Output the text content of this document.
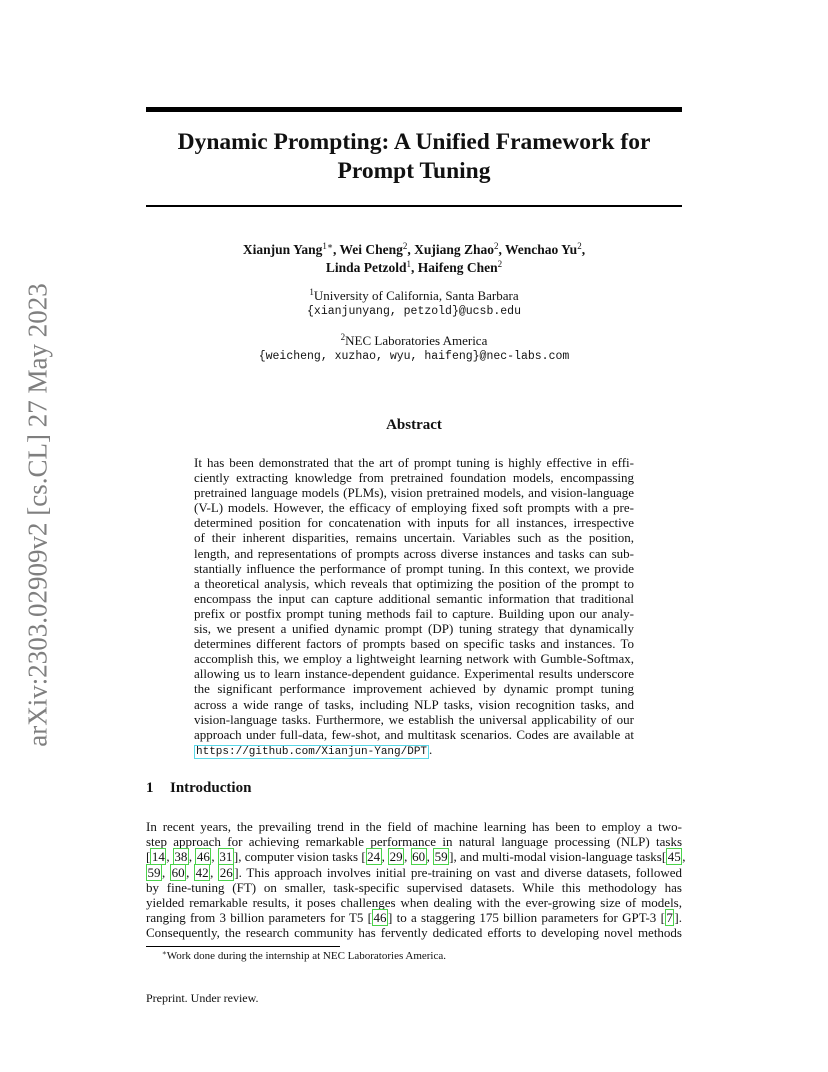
arXiv:2303.02909v2 [cs.CL] 27 May 2023
Dynamic Prompting: A Unified Framework for
Prompt Tuning
Xianjun Yang$^{1∗}$, Wei Cheng$^2$, Xujiang Zhao$^2$, Wenchao Yu$^2$,
Linda Petzold$^1$, Haifeng Chen$^2$
$^1$University of California, Santa Barbara
{xianjunyang, petzold}@ucsb.edu
$^2$NEC Laboratories America
{weicheng, xuzhao, wyu, haifeng}@nec-labs.com
Abstract
It has been demonstrated that the art of prompt tuning is highly effective in effi-
ciently extracting knowledge from pretrained foundation models, encompassing
pretrained language models (PLMs), vision pretrained models, and vision-language
(V-L) models. However, the efficacy of employing fixed soft prompts with a pre-
determined position for concatenation with inputs for all instances, irrespective
of their inherent disparities, remains uncertain. Variables such as the position,
length, and representations of prompts across diverse instances and tasks can sub-
stantially influence the performance of prompt tuning. In this context, we provide
a theoretical analysis, which reveals that optimizing the position of the prompt to
encompass the input can capture additional semantic information that traditional
prefix or postfix prompt tuning methods fail to capture. Building upon our analy-
sis, we present a unified dynamic prompt (DP) tuning strategy that dynamically
determines different factors of prompts based on specific tasks and instances. To
accomplish this, we employ a lightweight learning network with Gumble-Softmax,
allowing us to learn instance-dependent guidance. Experimental results underscore
the significant performance improvement achieved by dynamic prompt tuning
across a wide range of tasks, including NLP tasks, vision recognition tasks, and
vision-language tasks. Furthermore, we establish the universal applicability of our
approach under full-data, few-shot, and multitask scenarios. Codes are available at
https://github.com/Xianjun-Yang/DPT .
1 Introduction
In recent years, the prevailing trend in the field of machine learning has been to employ a two-
step approach for achieving remarkable performance in natural language processing (NLP) tasks
[ 14 , 38 , 46 , 31 ], computer vision tasks [ 24 , 29 , 60 , 59 ], and multi-modal vision-language tasks[ 45 ,
59 , 60 , 42 , 26 ]. This approach involves initial pre-training on vast and diverse datasets, followed
by fine-tuning (FT) on smaller, task-specific supervised datasets. While this methodology has
yielded remarkable results, it poses challenges when dealing with the ever-growing size of models,
ranging from 3 billion parameters for T5 [ 46 ] to a staggering 175 billion parameters for GPT-3 [ 7 ].
Consequently, the research community has fervently dedicated efforts to developing novel methods
∗Work done during the internship at NEC Laboratories America.
Preprint. Under review.
